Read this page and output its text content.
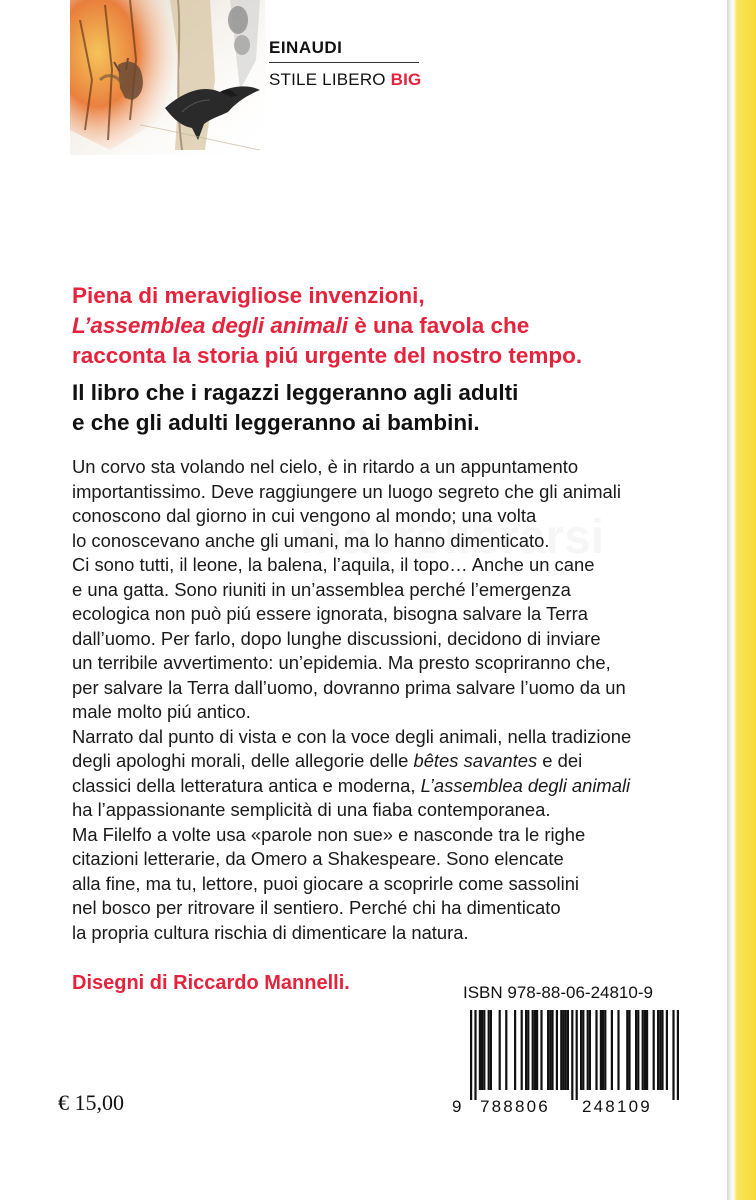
EINAUDI
STILE LIBERO BIG
Piena di meravigliose invenzioni,
L’assemblea degli animali è una favola che
racconta la storia piú urgente del nostro tempo.
Il libro che i ragazzi leggeranno agli adulti
e che gli adulti leggeranno ai bambini.
Un corvo sta volando nel cielo, è in ritardo a un appuntamento
importantissimo. Deve raggiungere un luogo segreto che gli animali
conoscono dal giorno in cui vengono al mondo; una volta
lo conoscevano anche gli umani, ma lo hanno dimenticato.
Ci sono tutti, il leone, la balena, l’aquila, il topo… Anche un cane
e una gatta. Sono riuniti in un’assemblea perché l’emergenza
ecologica non può piú essere ignorata, bisogna salvare la Terra
dall’uomo. Per farlo, dopo lunghe discussioni, decidono di inviare
un terribile avvertimento: un’epidemia. Ma presto scopriranno che,
per salvare la Terra dall’uomo, dovranno prima salvare l’uomo da un
male molto piú antico.
Narrato dal punto di vista e con la voce degli animali, nella tradizione
degli apologhi morali, delle allegorie delle bêtes savantes e dei
classici della letteratura antica e moderna, L’assemblea degli animali
ha l’appassionante semplicità di una fiaba contemporanea.
Ma Filelfo a volte usa «parole non sue» e nasconde tra le righe
citazioni letterarie, da Omero a Shakespeare. Sono elencate
alla fine, ma tu, lettore, puoi giocare a scoprirle come sassolini
nel bosco per ritrovare il sentiero. Perché chi ha dimenticato
la propria cultura rischia di dimenticare la natura.
Disegni di Riccardo Mannelli.	ISBN 978-88-06-24810-9
9 788806 248109
€ 15,00
